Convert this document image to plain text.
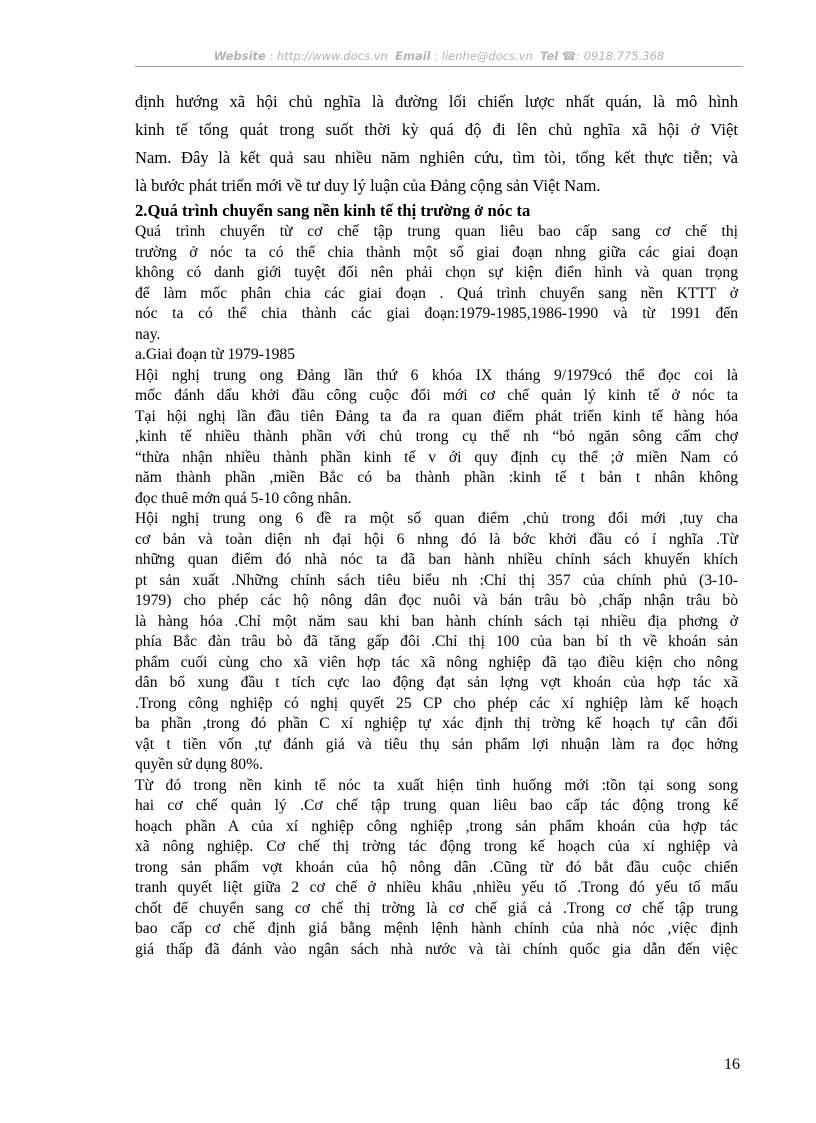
Website : http://www.docs.vn Email : lienhe@docs.vn Tel ☎: 0918.775.368

định hướng xã hội chủ nghĩa là đường lối chiến lược nhất quán, là mô hình

kinh tế tổng quát trong suốt thời kỳ quá độ đi lên chủ nghĩa xã hội ở Việt

Nam. Đây là kết quả sau nhiều năm nghiên cứu, tìm tòi, tổng kết thực tiễn; và

là bước phát triển mới về tư duy lý luận của Đảng cộng sản Việt Nam.

2.Quá trình chuyển sang nền kinh tế thị trường ở nóc ta
Quá trình chuyển từ cơ chế tập trung quan liêu bao cấp sang cơ chế thị
trường ở nóc ta có thể chia thành một số giai đoạn nhng giữa các giai đoạn
không có danh giới tuyệt đối nên phải chọn sự kiện điển hình và quan trọng
để làm mốc phân chia các giai đoạn . Quá trình chuyển sang nền KTTT ở
nóc ta có thể chia thành các giai đoạn:1979-1985,1986-1990 và từ 1991 đến
nay.
a.Giai đoạn từ 1979-1985
Hội nghị trung ong Đảng lần thứ 6 khóa IX tháng 9/1979có thể đọc coi là
mốc đánh dấu khởi đầu công cuộc đổi mới cơ chế quản lý kinh tế ở nóc ta
Tại hội nghị lần đầu tiên Đảng ta đa ra quan điểm phát triển kinh tế hàng hóa
,kinh tế nhiều thành phần với chủ trong cụ thể nh “bỏ ngăn sông cấm chợ
“thừa nhận nhiều thành phần kinh tế v ới quy định cụ thể ;ở miền Nam có
năm thành phần ,miền Bắc có ba thành phần :kinh tế t bản t nhân không
đọc thuê mớn quá 5-10 công nhân.
Hội nghị trung ong 6 đề ra một số quan điểm ,chủ trong đổi mới ,tuy cha
cơ bản và toàn diện nh đại hội 6 nhng đó là bớc khởi đầu có í nghĩa .Từ
những quan điểm đó nhà nóc ta đã ban hành nhiều chính sách khuyến khích
pt sản xuất .Những chính sách tiêu biểu nh :Chỉ thị 357 của chính phủ (3-10-
1979) cho phép các hộ nông dân đọc nuôi và bán trâu bò ,chấp nhận trâu bò
là hàng hóa .Chỉ một năm sau khi ban hành chính sách tại nhiều địa phơng ở
phía Bắc đàn trâu bò đã tăng gấp đôi .Chỉ thị 100 của ban bí th về khoán sản
phẩm cuối cùng cho xã viên hợp tác xã nông nghiệp đã tạo điều kiện cho nông
dân bổ xung đầu t tích cực lao động đạt sản lợng vợt khoán của hợp tác xã
.Trong công nghiệp có nghị quyết 25 CP cho phép các xí nghiệp làm kế hoạch
ba phần ,trong đó phần C xí nghiệp tự xác định thị trờng kế hoạch tự cân đối
vật t tiền vốn ,tự đánh giá và tiêu thụ sản phẩm lợi nhuận làm ra đọc hởng
quyền sử dụng 80%.
Từ đó trong nền kinh tế nóc ta xuất hiện tình huống mới :tồn tại song song
hai cơ chế quản lý .Cơ chế tập trung quan liêu bao cấp tác động trong kế
hoạch phần A của xí nghiệp công nghiệp ,trong sản phẩm khoán của hợp tác
xã nông nghiệp. Cơ chế thị trờng tác động trong kế hoạch của xí nghiệp và
trong sản phẩm vợt khoán của hộ nông dân .Cũng từ đó bắt đầu cuộc chiến
tranh quyết liệt giữa 2 cơ chế ở nhiều khâu ,nhiều yếu tố .Trong đó yếu tố mấu
chốt để chuyển sang cơ chế thị trờng là cơ chế giá cả .Trong cơ chế tập trung
bao cấp cơ chế định giá bằng mệnh lệnh hành chính của nhà nóc ,việc định
giá thấp đã đánh vào ngân sách nhà nước và tài chính quốc gia dẫn đến việc
16
